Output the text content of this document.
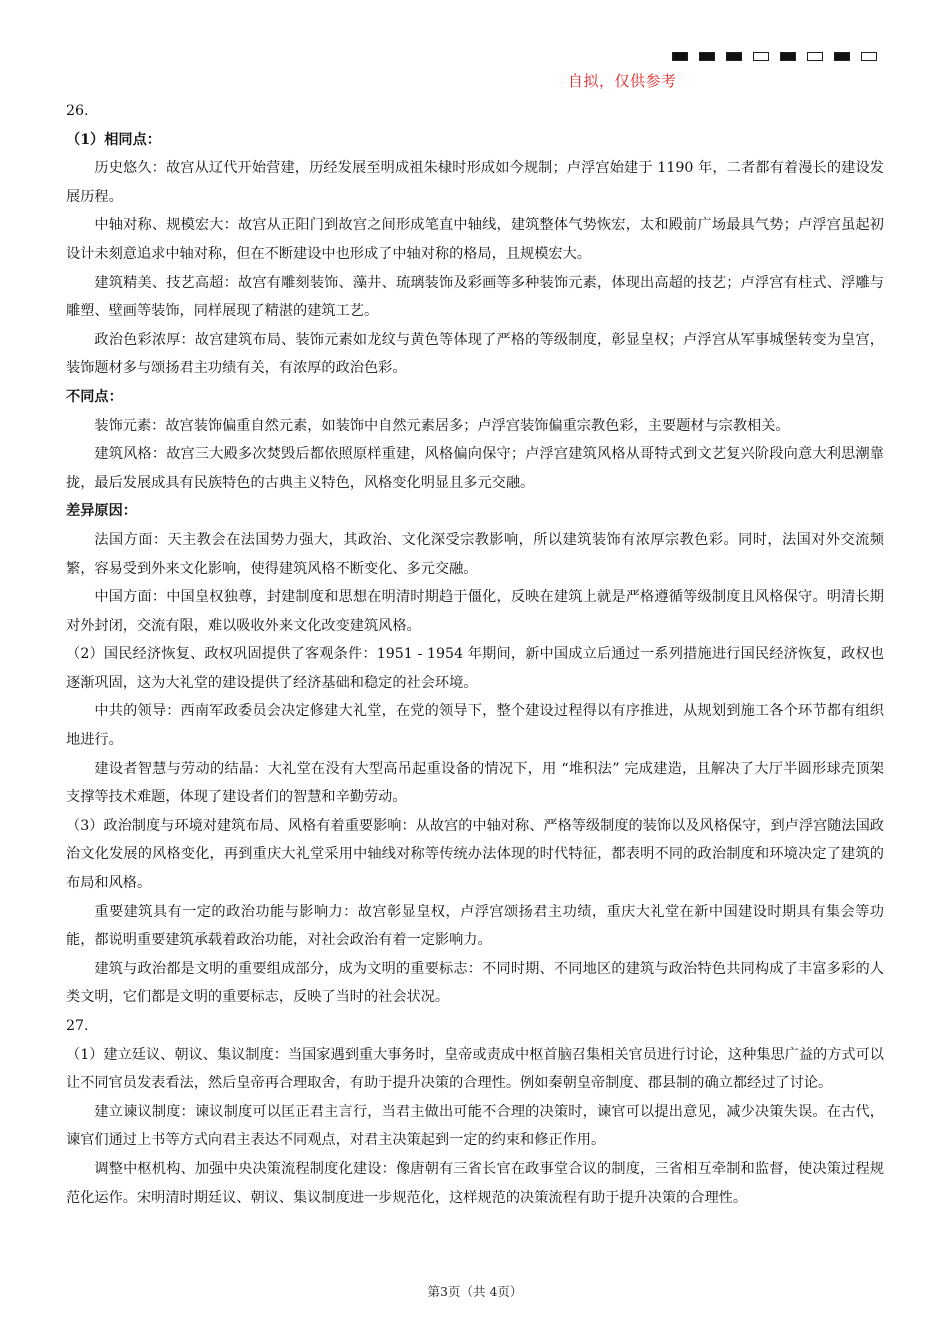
自拟，仅供参考

26.

（1）相同点：

历史悠久：故宫从辽代开始营建，历经发展至明成祖朱棣时形成如今规制；卢浮宫始建于 1190 年，二者都有着漫长的建设发展历程。

中轴对称、规模宏大：故宫从正阳门到故宫之间形成笔直中轴线，建筑整体气势恢宏，太和殿前广场最具气势；卢浮宫虽起初设计未刻意追求中轴对称，但在不断建设中也形成了中轴对称的格局，且规模宏大。

建筑精美、技艺高超：故宫有雕刻装饰、藻井、琉璃装饰及彩画等多种装饰元素，体现出高超的技艺；卢浮宫有柱式、浮雕与雕塑、壁画等装饰，同样展现了精湛的建筑工艺。

政治色彩浓厚：故宫建筑布局、装饰元素如龙纹与黄色等体现了严格的等级制度，彰显皇权；卢浮宫从军事城堡转变为皇宫，装饰题材多与颂扬君主功绩有关，有浓厚的政治色彩。

不同点：

装饰元素：故宫装饰偏重自然元素，如装饰中自然元素居多；卢浮宫装饰偏重宗教色彩，主要题材与宗教相关。

建筑风格：故宫三大殿多次焚毁后都依照原样重建，风格偏向保守；卢浮宫建筑风格从哥特式到文艺复兴阶段向意大利思潮靠拢，最后发展成具有民族特色的古典主义特色，风格变化明显且多元交融。

差异原因：

法国方面：天主教会在法国势力强大，其政治、文化深受宗教影响，所以建筑装饰有浓厚宗教色彩。同时，法国对外交流频繁，容易受到外来文化影响，使得建筑风格不断变化、多元交融。

中国方面：中国皇权独尊，封建制度和思想在明清时期趋于僵化，反映在建筑上就是严格遵循等级制度且风格保守。明清长期对外封闭，交流有限，难以吸收外来文化改变建筑风格。

（2）国民经济恢复、政权巩固提供了客观条件：1951 - 1954 年期间，新中国成立后通过一系列措施进行国民经济恢复，政权也逐渐巩固，这为大礼堂的建设提供了经济基础和稳定的社会环境。

中共的领导：西南军政委员会决定修建大礼堂，在党的领导下，整个建设过程得以有序推进，从规划到施工各个环节都有组织地进行。

建设者智慧与劳动的结晶：大礼堂在没有大型高吊起重设备的情况下，用 “堆积法” 完成建造，且解决了大厅半圆形球壳顶架支撑等技术难题，体现了建设者们的智慧和辛勤劳动。

（3）政治制度与环境对建筑布局、风格有着重要影响：从故宫的中轴对称、严格等级制度的装饰以及风格保守，到卢浮宫随法国政治文化发展的风格变化，再到重庆大礼堂采用中轴线对称等传统办法体现的时代特征，都表明不同的政治制度和环境决定了建筑的布局和风格。

重要建筑具有一定的政治功能与影响力：故宫彰显皇权，卢浮宫颂扬君主功绩，重庆大礼堂在新中国建设时期具有集会等功能，都说明重要建筑承载着政治功能，对社会政治有着一定影响力。

建筑与政治都是文明的重要组成部分，成为文明的重要标志：不同时期、不同地区的建筑与政治特色共同构成了丰富多彩的人类文明，它们都是文明的重要标志，反映了当时的社会状况。

27.

（1）建立廷议、朝议、集议制度：当国家遇到重大事务时，皇帝或责成中枢首脑召集相关官员进行讨论，这种集思广益的方式可以让不同官员发表看法，然后皇帝再合理取舍，有助于提升决策的合理性。例如秦朝皇帝制度、郡县制的确立都经过了讨论。

建立谏议制度：谏议制度可以匡正君主言行，当君主做出可能不合理的决策时，谏官可以提出意见，减少决策失误。在古代，谏官们通过上书等方式向君主表达不同观点，对君主决策起到一定的约束和修正作用。

调整中枢机构、加强中央决策流程制度化建设：像唐朝有三省长官在政事堂合议的制度，三省相互牵制和监督，使决策过程规范化运作。宋明清时期廷议、朝议、集议制度进一步规范化，这样规范的决策流程有助于提升决策的合理性。

第3页（共 4页）
